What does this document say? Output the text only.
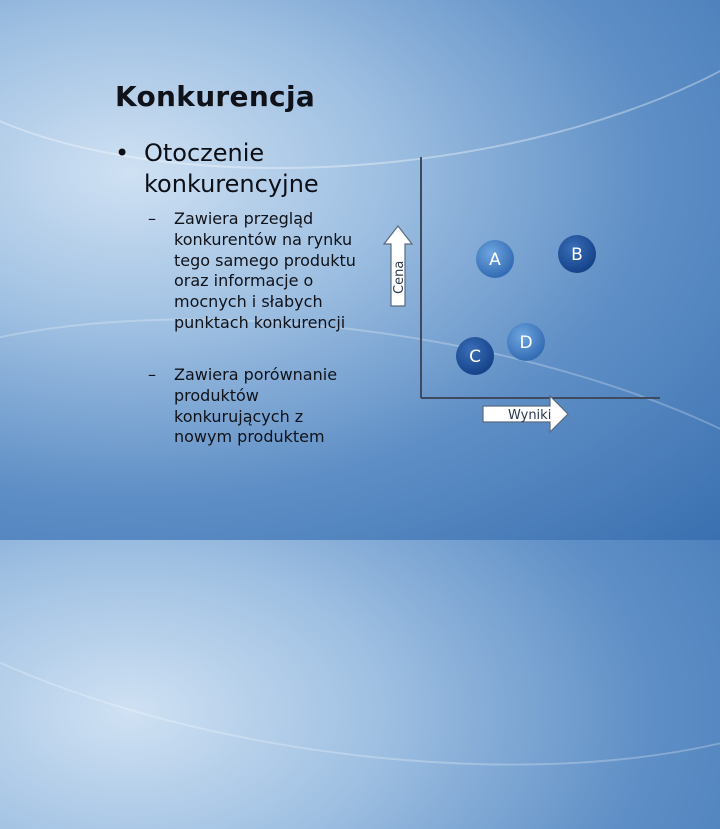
Konkurencja
• Otoczenie konkurencyjne
– Zawiera przegląd konkurentów na rynku tego samego produktu oraz informacje o mocnych i słabych punktach konkurencji
– Zawiera porównanie produktów konkurujących z nowym produktem
Cena
Wyniki
A	B
C
D
